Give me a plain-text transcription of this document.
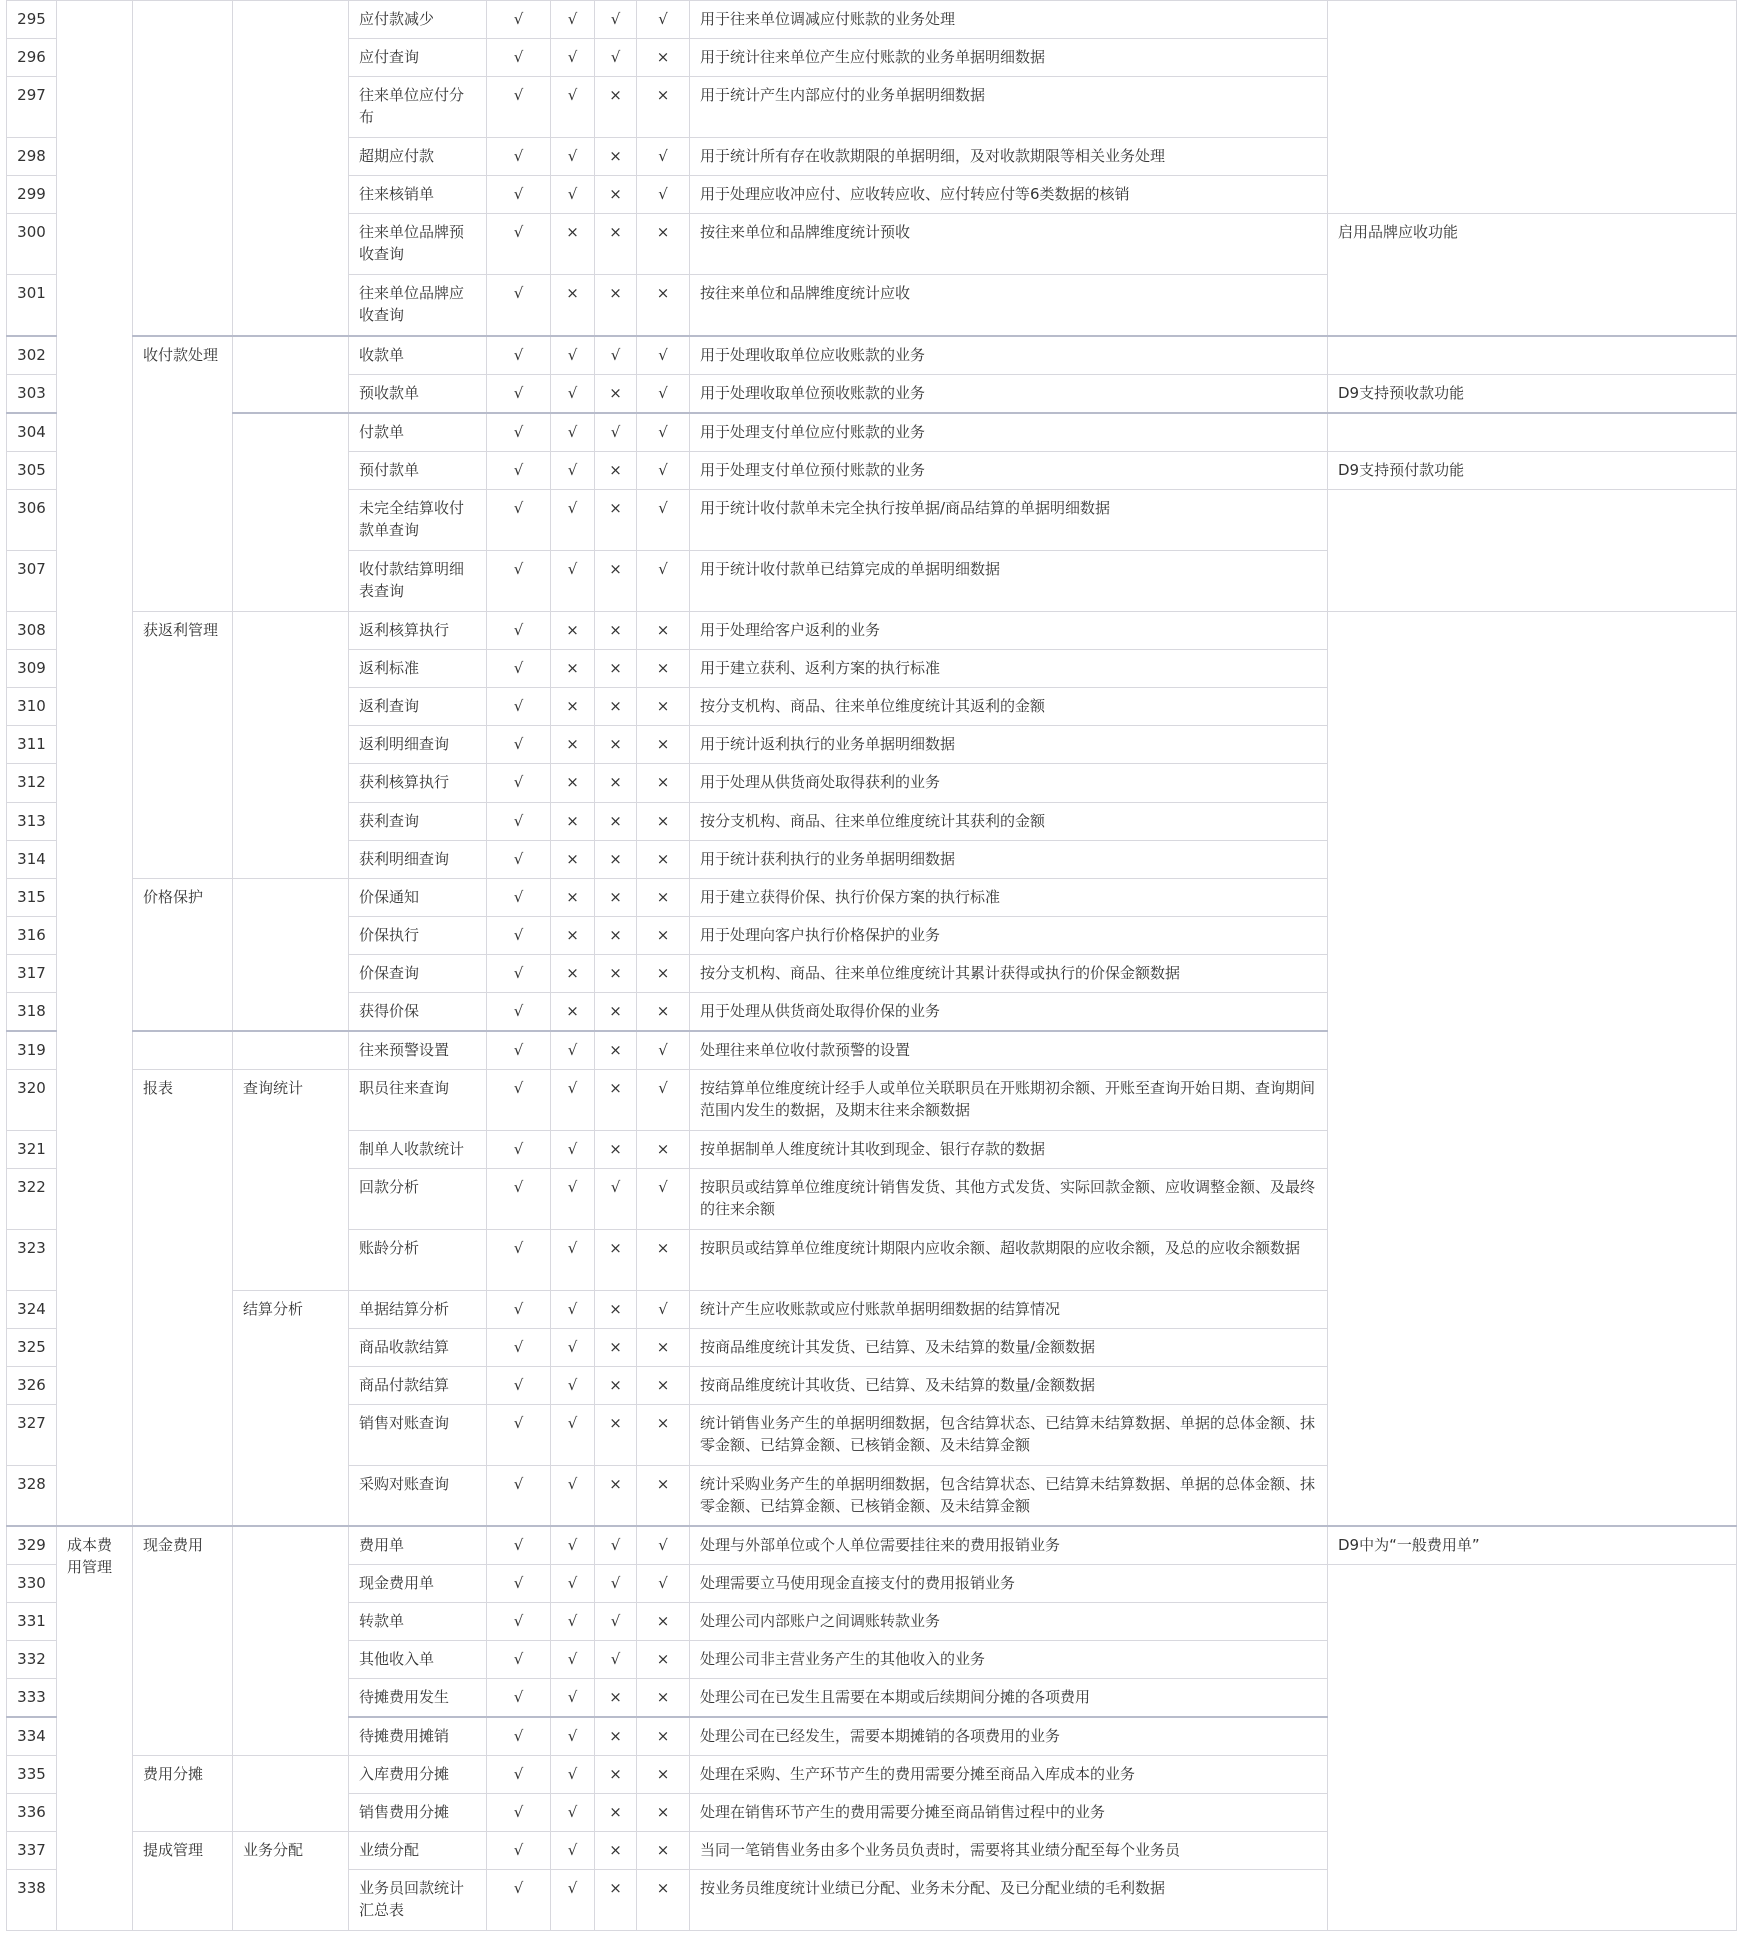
295				应付款减少	√	√	√	√	用于往来单位调减应付账款的业务处理	
296				应付查询	√	√	√	×	用于统计往来单位产生应付账款的业务单据明细数据	
297				往来单位应付分布	√	√	×	×	用于统计产生内部应付的业务单据明细数据	
298				超期应付款	√	√	×	√	用于统计所有存在收款期限的单据明细，及对收款期限等相关业务处理	
299				往来核销单	√	√	×	√	用于处理应收冲应付、应收转应收、应付转应付等6类数据的核销	
300				往来单位品牌预收查询	√	×	×	×	按往来单位和品牌维度统计预收	启用品牌应收功能
301				往来单位品牌应收查询	√	×	×	×	按往来单位和品牌维度统计应收	
302		收付款处理		收款单	√	√	√	√	用于处理收取单位应收账款的业务	
303				预收款单	√	√	×	√	用于处理收取单位预收账款的业务	D9支持预收款功能
304				付款单	√	√	√	√	用于处理支付单位应付账款的业务	
305				预付款单	√	√	×	√	用于处理支付单位预付账款的业务	D9支持预付款功能
306				未完全结算收付款单查询	√	√	×	√	用于统计收付款单未完全执行按单据/商品结算的单据明细数据	
307				收付款结算明细表查询	√	√	×	√	用于统计收付款单已结算完成的单据明细数据	
308		获返利管理		返利核算执行	√	×	×	×	用于处理给客户返利的业务	
309				返利标准	√	×	×	×	用于建立获利、返利方案的执行标准	
310				返利查询	√	×	×	×	按分支机构、商品、往来单位维度统计其返利的金额	
311				返利明细查询	√	×	×	×	用于统计返利执行的业务单据明细数据	
312				获利核算执行	√	×	×	×	用于处理从供货商处取得获利的业务	
313				获利查询	√	×	×	×	按分支机构、商品、往来单位维度统计其获利的金额	
314				获利明细查询	√	×	×	×	用于统计获利执行的业务单据明细数据	
315		价格保护		价保通知	√	×	×	×	用于建立获得价保、执行价保方案的执行标准	
316				价保执行	√	×	×	×	用于处理向客户执行价格保护的业务	
317				价保查询	√	×	×	×	按分支机构、商品、往来单位维度统计其累计获得或执行的价保金额数据	
318				获得价保	√	×	×	×	用于处理从供货商处取得价保的业务	
319				往来预警设置	√	√	×	√	处理往来单位收付款预警的设置	
320		报表	查询统计	职员往来查询	√	√	×	√	按结算单位维度统计经手人或单位关联职员在开账期初余额、开账至查询开始日期、查询期间范围内发生的数据，及期末往来余额数据	
321				制单人收款统计	√	√	×	×	按单据制单人维度统计其收到现金、银行存款的数据	
322				回款分析	√	√	√	√	按职员或结算单位维度统计销售发货、其他方式发货、实际回款金额、应收调整金额、及最终的往来余额	
323				账龄分析	√	√	×	×	按职员或结算单位维度统计期限内应收余额、超收款期限的应收余额，及总的应收余额数据	
324			结算分析	单据结算分析	√	√	×	√	统计产生应收账款或应付账款单据明细数据的结算情况	
325				商品收款结算	√	√	×	×	按商品维度统计其发货、已结算、及未结算的数量/金额数据	
326				商品付款结算	√	√	×	×	按商品维度统计其收货、已结算、及未结算的数量/金额数据	
327				销售对账查询	√	√	×	×	统计销售业务产生的单据明细数据，包含结算状态、已结算未结算数据、单据的总体金额、抹零金额、已结算金额、已核销金额、及未结算金额	
328				采购对账查询	√	√	×	×	统计采购业务产生的单据明细数据，包含结算状态、已结算未结算数据、单据的总体金额、抹零金额、已结算金额、已核销金额、及未结算金额	
329	成本费用管理	现金费用		费用单	√	√	√	√	处理与外部单位或个人单位需要挂往来的费用报销业务	D9中为“一般费用单”
330				现金费用单	√	√	√	√	处理需要立马使用现金直接支付的费用报销业务	
331				转款单	√	√	√	×	处理公司内部账户之间调账转款业务	
332				其他收入单	√	√	√	×	处理公司非主营业务产生的其他收入的业务	
333				待摊费用发生	√	√	×	×	处理公司在已发生且需要在本期或后续期间分摊的各项费用	
334				待摊费用摊销	√	√	×	×	处理公司在已经发生，需要本期摊销的各项费用的业务	
335		费用分摊		入库费用分摊	√	√	×	×	处理在采购、生产环节产生的费用需要分摊至商品入库成本的业务	
336				销售费用分摊	√	√	×	×	处理在销售环节产生的费用需要分摊至商品销售过程中的业务	
337		提成管理	业务分配	业绩分配	√	√	×	×	当同一笔销售业务由多个业务员负责时，需要将其业绩分配至每个业务员	
338				业务员回款统计汇总表	√	√	×	×	按业务员维度统计业绩已分配、业务未分配、及已分配业绩的毛利数据	
